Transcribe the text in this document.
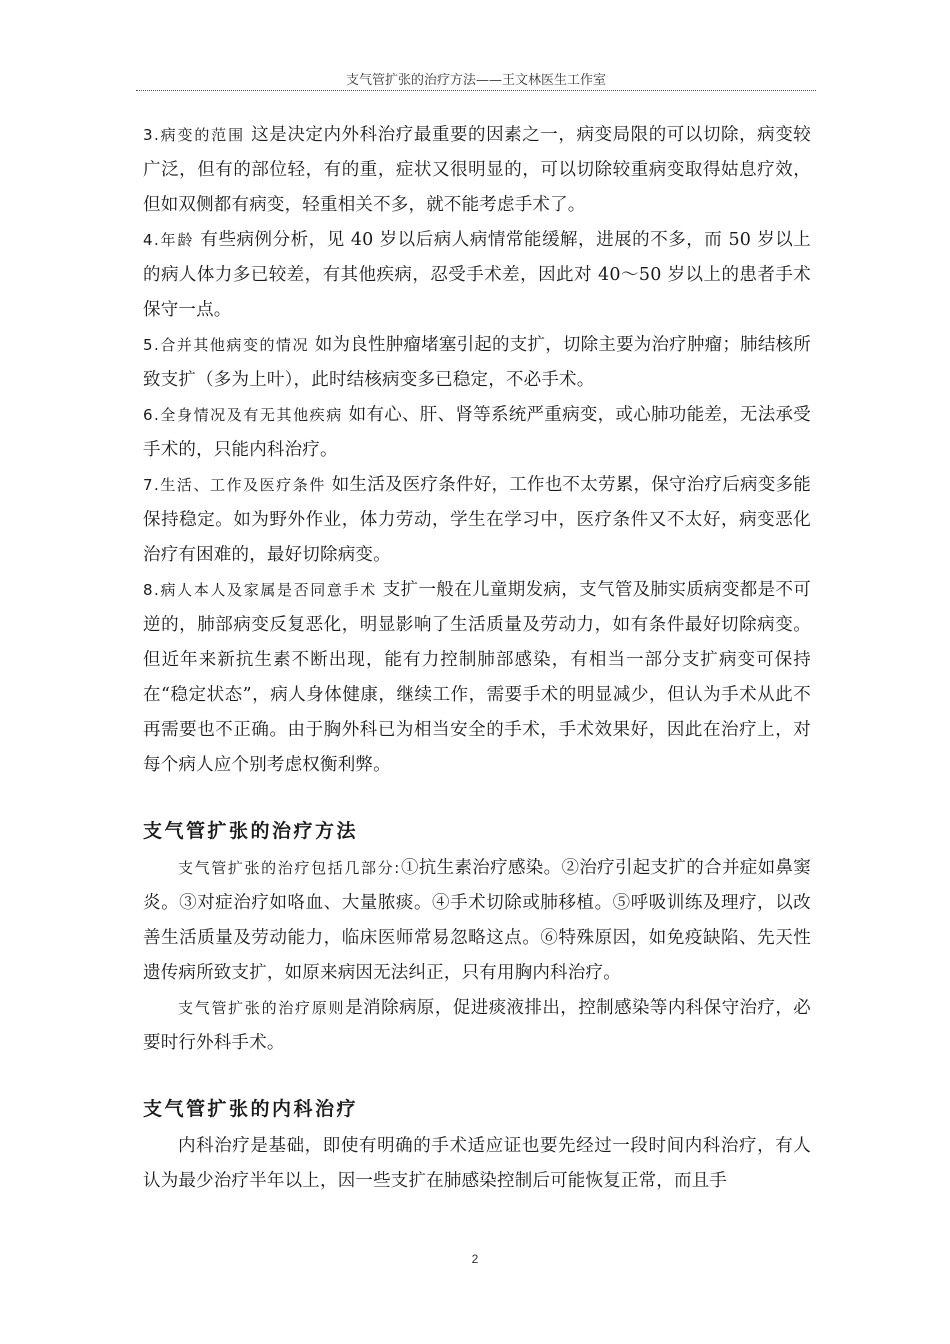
支气管扩张的治疗方法——王文林医生工作室

3.病变的范围 这是决定内外科治疗最重要的因素之一，病变局限的可以切除，病变较广泛，但有的部位轻，有的重，症状又很明显的，可以切除较重病变取得姑息疗效，但如双侧都有病变，轻重相关不多，就不能考虑手术了。

4.年龄 有些病例分析，见 40 岁以后病人病情常能缓解，进展的不多，而 50 岁以上的病人体力多已较差，有其他疾病，忍受手术差，因此对 40～50 岁以上的患者手术保守一点。

5.合并其他病变的情况 如为良性肿瘤堵塞引起的支扩，切除主要为治疗肿瘤；肺结核所致支扩（多为上叶），此时结核病变多已稳定，不必手术。

6.全身情况及有无其他疾病 如有心、肝、肾等系统严重病变，或心肺功能差，无法承受手术的，只能内科治疗。

7.生活、工作及医疗条件 如生活及医疗条件好，工作也不太劳累，保守治疗后病变多能保持稳定。如为野外作业，体力劳动，学生在学习中，医疗条件又不太好，病变恶化治疗有困难的，最好切除病变。

8.病人本人及家属是否同意手术 支扩一般在儿童期发病，支气管及肺实质病变都是不可逆的，肺部病变反复恶化，明显影响了生活质量及劳动力，如有条件最好切除病变。但近年来新抗生素不断出现，能有力控制肺部感染，有相当一部分支扩病变可保持在“稳定状态”，病人身体健康，继续工作，需要手术的明显减少，但认为手术从此不再需要也不正确。由于胸外科已为相当安全的手术，手术效果好，因此在治疗上，对每个病人应个别考虑权衡利弊。

支气管扩张的治疗方法

支气管扩张的治疗包括几部分:①抗生素治疗感染。②治疗引起支扩的合并症如鼻窦炎。③对症治疗如咯血、大量脓痰。④手术切除或肺移植。⑤呼吸训练及理疗，以改善生活质量及劳动能力，临床医师常易忽略这点。⑥特殊原因，如免疫缺陷、先天性遗传病所致支扩，如原来病因无法纠正，只有用胸内科治疗。

支气管扩张的治疗原则是消除病原，促进痰液排出，控制感染等内科保守治疗，必要时行外科手术。

支气管扩张的内科治疗

内科治疗是基础，即使有明确的手术适应证也要先经过一段时间内科治疗，有人认为最少治疗半年以上，因一些支扩在肺感染控制后可能恢复正常，而且手

2
